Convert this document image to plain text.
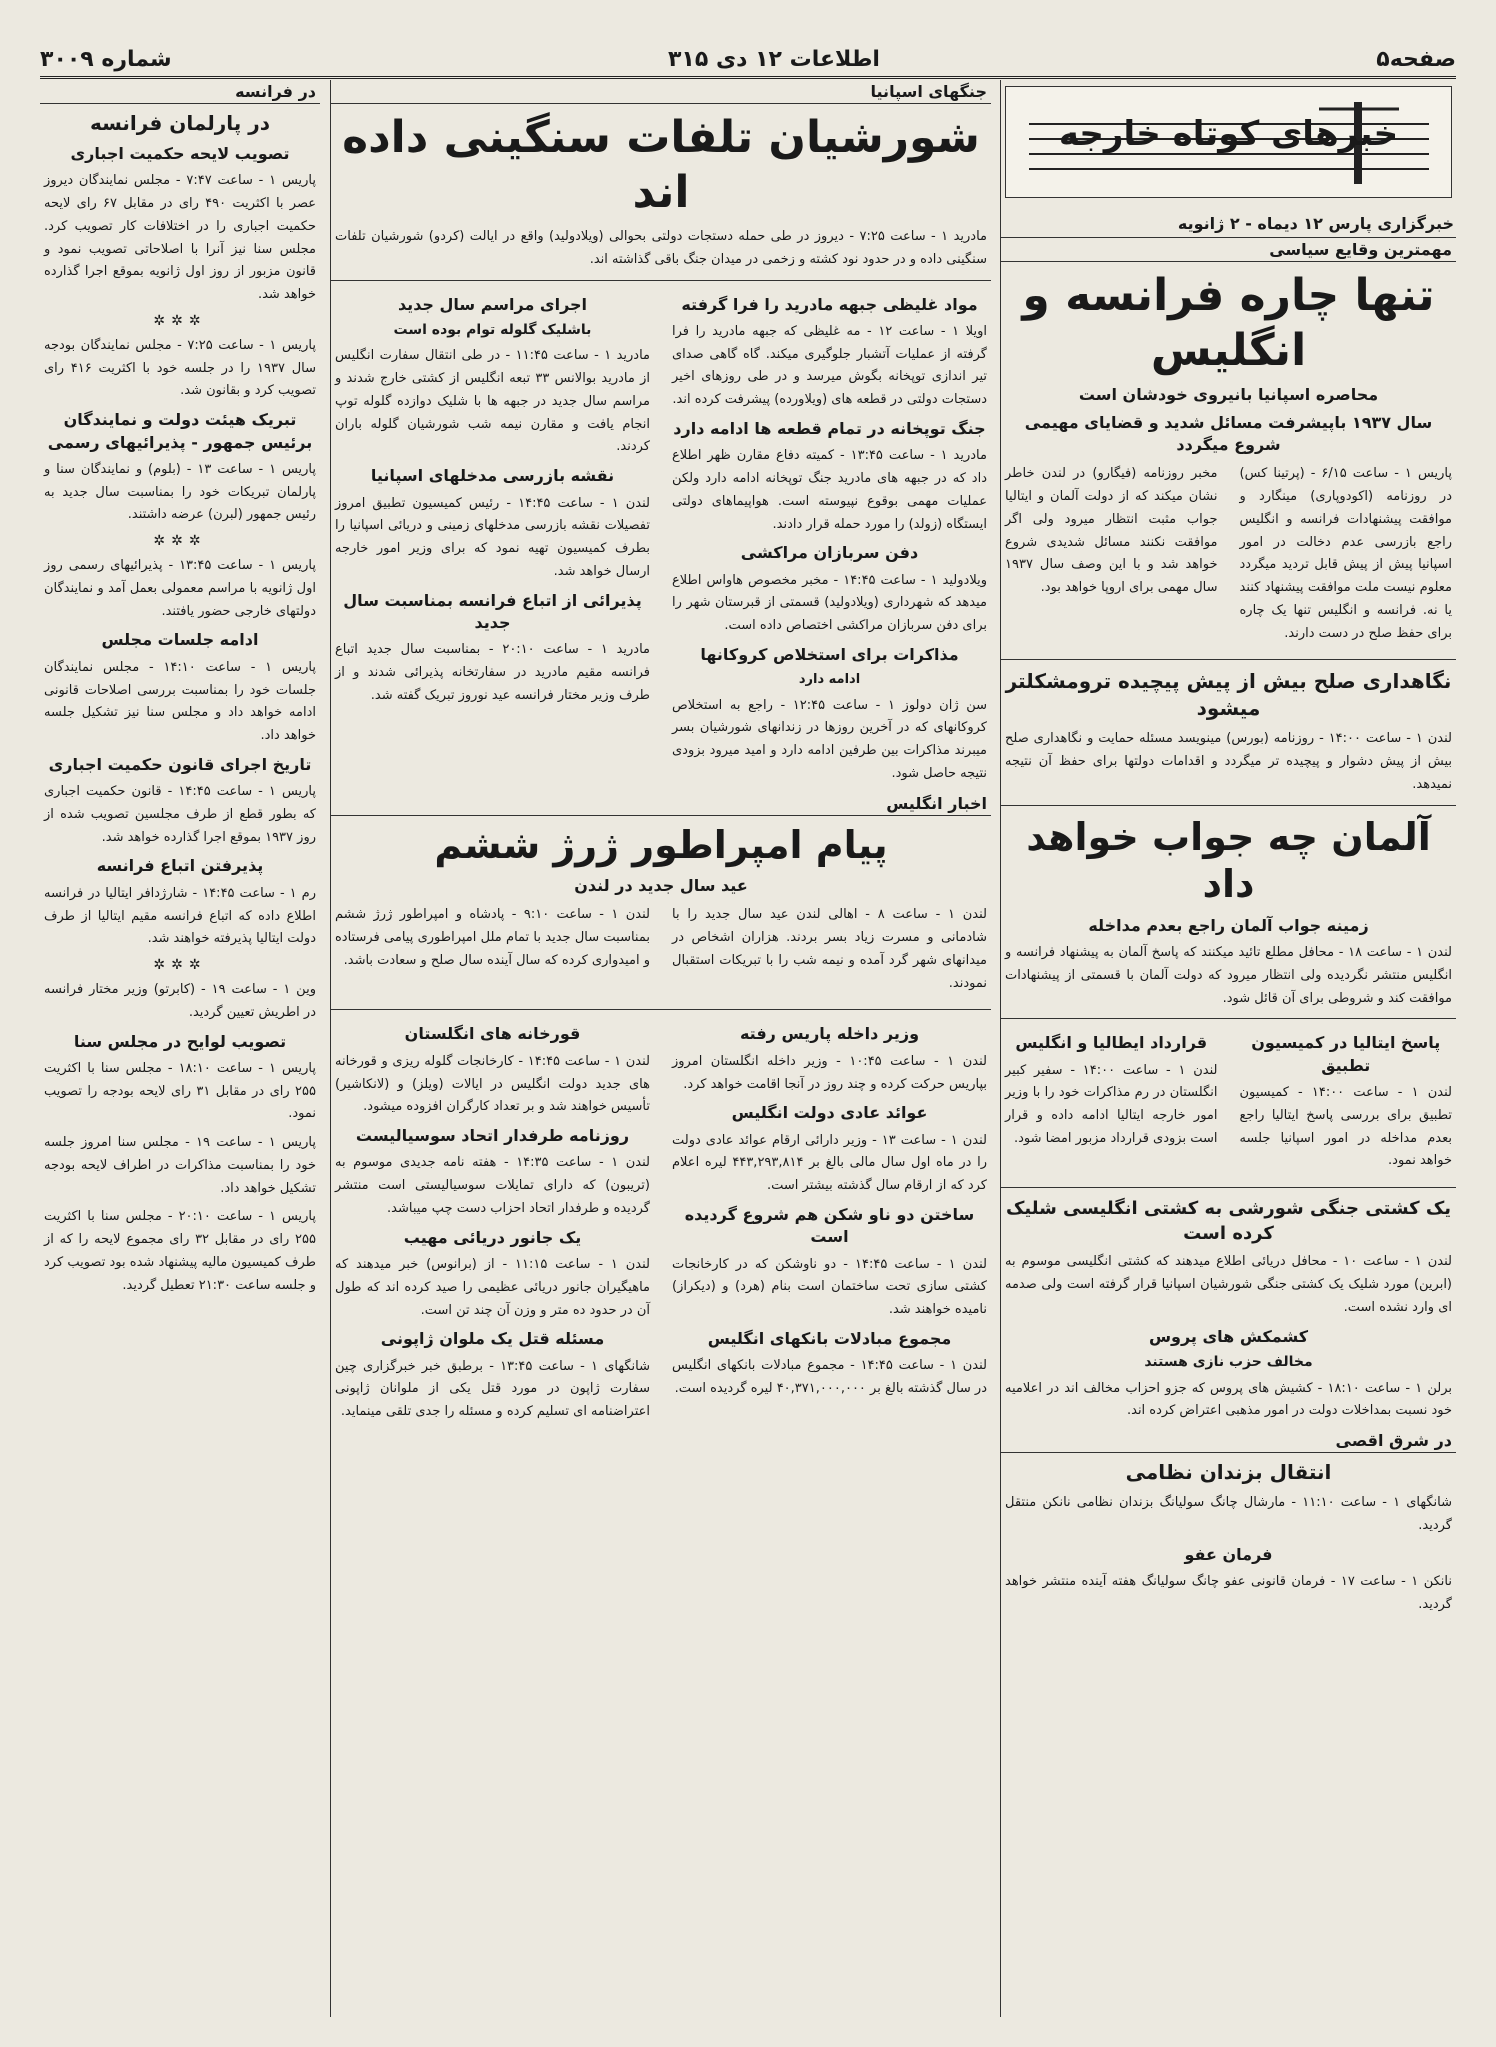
صفحه۵
اطلاعات ۱۲ دی ۳۱۵
شماره ۳۰۰۹
خبرهای کوتاه خارجه
خبرگزاری پارس ۱۲ دیماه - ۲ ژانویه
مهمترین وقایع سیاسی
تنها چاره فرانسه و انگلیس
محاصره اسپانیا بانیروی خودشان است
سال ۱۹۳۷ باپیشرفت مسائل شدید و قضایای مهیمی شروع میگردد
پاریس ۱ - ساعت ۶/۱۵ - (پرتینا کس) در روزنامه (اکودوپاری) مینگارد و موافقت پیشنهادات فرانسه و انگلیس راجع بازرسی عدم دخالت در امور اسپانیا پیش از پیش قابل تردید میگردد معلوم نیست ملت موافقت پیشنهاد کنند یا نه. فرانسه و انگلیس تنها یک چاره برای حفظ صلح در دست دارند.
مخبر روزنامه (فیگارو) در لندن خاطر نشان میکند که از دولت آلمان و ایتالیا جواب مثبت انتظار میرود ولی اگر موافقت نکنند مسائل شدیدی شروع خواهد شد و با این وصف سال ۱۹۳۷ سال مهمی برای اروپا خواهد بود.
نگاهداری صلح بیش از پیش پیچیده ترومشکلتر میشود
لندن ۱ - ساعت ۱۴:۰۰ - روزنامه (بورس) مینویسد مسئله حمایت و نگاهداری صلح بیش از پیش دشوار و پیچیده تر میگردد و اقدامات دولتها برای حفظ آن نتیجه نمیدهد.
آلمان چه جواب خواهد داد
زمینه جواب آلمان راجع بعدم مداخله
لندن ۱ - ساعت ۱۸ - محافل مطلع تائید میکنند که پاسخ آلمان به پیشنهاد فرانسه و انگلیس منتشر نگردیده ولی انتظار میرود که دولت آلمان با قسمتی از پیشنهادات موافقت کند و شروطی برای آن قائل شود.
پاسخ ایتالیا در کمیسیون تطبیق
لندن ۱ - ساعت ۱۴:۰۰ - کمیسیون تطبیق برای بررسی پاسخ ایتالیا راجع بعدم مداخله در امور اسپانیا جلسه خواهد نمود.
قرارداد ایطالیا و انگلیس
لندن ۱ - ساعت ۱۴:۰۰ - سفیر کبیر انگلستان در رم مذاکرات خود را با وزیر امور خارجه ایتالیا ادامه داده و قرار است بزودی قرارداد مزبور امضا شود.
یک کشتی جنگی شورشی به کشتی انگلیسی شلیک کرده است
لندن ۱ - ساعت ۱۰ - محافل دریائی اطلاع میدهند که کشتی انگلیسی موسوم به (ابرین) مورد شلیک یک کشتی جنگی شورشیان اسپانیا قرار گرفته است ولی صدمه ای وارد نشده است.
کشمکش های پروس
مخالف حزب نازی هستند
برلن ۱ - ساعت ۱۸:۱۰ - کشیش های پروس که جزو احزاب مخالف اند در اعلامیه خود نسبت بمداخلات دولت در امور مذهبی اعتراض کرده اند.
در شرق اقصی
انتقال بزندان نظامی
شانگهای ۱ - ساعت ۱۱:۱۰ - مارشال چانگ سولیانگ بزندان نظامی نانکن منتقل گردید.
فرمان عفو
نانکن ۱ - ساعت ۱۷ - فرمان قانونی عفو چانگ سولیانگ هفته آینده منتشر خواهد گردید.
جنگهای اسپانیا
شورشیان تلفات سنگینی داده اند
مادرید ۱ - ساعت ۷:۲۵ - دیروز در طی حمله دستجات دولتی بحوالی (ویلادولید) واقع در ایالت (کردو) شورشیان تلفات سنگینی داده و در حدود نود کشته و زخمی در میدان جنگ باقی گذاشته اند.
مواد غلیظی جبهه مادرید را فرا گرفته
اویلا ۱ - ساعت ۱۲ - مه غلیظی که جبهه مادرید را فرا گرفته از عملیات آتشبار جلوگیری میکند. گاه گاهی صدای تیر اندازی توپخانه بگوش میرسد و در طی روزهای اخیر دستجات دولتی در قطعه های (ویلاورده) پیشرفت کرده اند.
جنگ توپخانه در تمام قطعه ها ادامه دارد
مادرید ۱ - ساعت ۱۳:۴۵ - کمیته دفاع مقارن ظهر اطلاع داد که در جبهه های مادرید جنگ توپخانه ادامه دارد ولکن عملیات مهمی بوقوع نپیوسته است. هواپیماهای دولتی ایستگاه (زولد) را مورد حمله قرار دادند.
دفن سربازان مراکشی
ویلادولید ۱ - ساعت ۱۴:۴۵ - مخبر مخصوص هاواس اطلاع میدهد که شهرداری (ویلادولید) قسمتی از قبرستان شهر را برای دفن سربازان مراکشی اختصاص داده است.
مذاکرات برای استخلاص کروکانها
ادامه دارد
سن ژان دولوز ۱ - ساعت ۱۲:۴۵ - راجع به استخلاص کروکانهای که در آخرین روزها در زندانهای شورشیان بسر میبرند مذاکرات بین طرفین ادامه دارد و امید میرود بزودی نتیجه حاصل شود.
اجرای مراسم سال جدید
باشلیک گلوله توام بوده است
مادرید ۱ - ساعت ۱۱:۴۵ - در طی انتقال سفارت انگلیس از مادرید بوالانس ۳۳ تبعه انگلیس از کشتی خارج شدند و مراسم سال جدید در جبهه ها با شلیک دوازده گلوله توپ انجام یافت و مقارن نیمه شب شورشیان گلوله باران کردند.
نقشه بازرسی مدخلهای اسپانیا
لندن ۱ - ساعت ۱۴:۴۵ - رئیس کمیسیون تطبیق امروز تفصیلات نقشه بازرسی مدخلهای زمینی و دریائی اسپانیا را بطرف کمیسیون تهیه نمود که برای وزیر امور خارجه ارسال خواهد شد.
پذیرائی از اتباع فرانسه بمناسبت سال جدید
مادرید ۱ - ساعت ۲۰:۱۰ - بمناسبت سال جدید اتباع فرانسه مقیم مادرید در سفارتخانه پذیرائی شدند و از طرف وزیر مختار فرانسه عید نوروز تبریک گفته شد.
اخبار انگلیس
پیام امپراطور ژرژ ششم
عید سال جدید در لندن
لندن ۱ - ساعت ۸ - اهالی لندن عید سال جدید را با شادمانی و مسرت زیاد بسر بردند. هزاران اشخاص در میدانهای شهر گرد آمده و نیمه شب را با تبریکات استقبال نمودند.
لندن ۱ - ساعت ۹:۱۰ - پادشاه و امپراطور ژرژ ششم بمناسبت سال جدید با تمام ملل امپراطوری پیامی فرستاده و امیدواری کرده که سال آینده سال صلح و سعادت باشد.
وزیر داخله پاریس رفته
لندن ۱ - ساعت ۱۰:۴۵ - وزیر داخله انگلستان امروز بپاریس حرکت کرده و چند روز در آنجا اقامت خواهد کرد.
عوائد عادی دولت انگلیس
لندن ۱ - ساعت ۱۳ - وزیر دارائی ارقام عوائد عادی دولت را در ماه اول سال مالی بالغ بر ۴۴۳,۲۹۳,۸۱۴ لیره اعلام کرد که از ارقام سال گذشته بیشتر است.
ساختن دو ناو شکن هم شروع گردیده است
لندن ۱ - ساعت ۱۴:۴۵ - دو ناوشکن که در کارخانجات کشتی سازی تحت ساختمان است بنام (هرد) و (دیکراز) نامیده خواهند شد.
مجموع مبادلات بانکهای انگلیس
لندن ۱ - ساعت ۱۴:۴۵ - مجموع مبادلات بانکهای انگلیس در سال گذشته بالغ بر ۴۰,۳۷۱,۰۰۰,۰۰۰ لیره گردیده است.
قورخانه های انگلستان
لندن ۱ - ساعت ۱۴:۴۵ - کارخانجات گلوله ریزی و قورخانه های جدید دولت انگلیس در ایالات (ویلز) و (لانکاشیر) تأسیس خواهند شد و بر تعداد کارگران افزوده میشود.
روزنامه طرفدار اتحاد سوسیالیست
لندن ۱ - ساعت ۱۴:۳۵ - هفته نامه جدیدی موسوم به (تریبون) که دارای تمایلات سوسیالیستی است منتشر گردیده و طرفدار اتحاد احزاب دست چپ میباشد.
یک جانور دریائی مهیب
لندن ۱ - ساعت ۱۱:۱۵ - از (برانوس) خبر میدهند که ماهیگیران جانور دریائی عظیمی را صید کرده اند که طول آن در حدود ده متر و وزن آن چند تن است.
مسئله قتل یک ملوان ژاپونی
شانگهای ۱ - ساعت ۱۳:۴۵ - برطبق خبر خبرگزاری چین سفارت ژاپون در مورد قتل یکی از ملوانان ژاپونی اعتراضنامه ای تسلیم کرده و مسئله را جدی تلقی مینماید.
در فرانسه
در پارلمان فرانسه
تصویب لایحه حکمیت اجباری
پاریس ۱ - ساعت ۷:۴۷ - مجلس نمایندگان دیروز عصر با اکثریت ۴۹۰ رای در مقابل ۶۷ رای لایحه حکمیت اجباری را در اختلافات کار تصویب کرد. مجلس سنا نیز آنرا با اصلاحاتی تصویب نمود و قانون مزبور از روز اول ژانویه بموقع اجرا گذارده خواهد شد.
✲✲✲
پاریس ۱ - ساعت ۷:۲۵ - مجلس نمایندگان بودجه سال ۱۹۳۷ را در جلسه خود با اکثریت ۴۱۶ رای تصویب کرد و بقانون شد.
تبریک هیئت دولت و نمایندگان برئیس جمهور - پذیرائیهای رسمی
پاریس ۱ - ساعت ۱۳ - (بلوم) و نمایندگان سنا و پارلمان تبریکات خود را بمناسبت سال جدید به رئیس جمهور (لبرن) عرضه داشتند.
✲✲✲
پاریس ۱ - ساعت ۱۳:۴۵ - پذیرائیهای رسمی روز اول ژانویه با مراسم معمولی بعمل آمد و نمایندگان دولتهای خارجی حضور یافتند.
ادامه جلسات مجلس
پاریس ۱ - ساعت ۱۴:۱۰ - مجلس نمایندگان جلسات خود را بمناسبت بررسی اصلاحات قانونی ادامه خواهد داد و مجلس سنا نیز تشکیل جلسه خواهد داد.
تاریخ اجرای قانون حکمیت اجباری
پاریس ۱ - ساعت ۱۴:۴۵ - قانون حکمیت اجباری که بطور قطع از طرف مجلسین تصویب شده از روز ۱۹۳۷ بموقع اجرا گذارده خواهد شد.
پذیرفتن اتباع فرانسه
رم ۱ - ساعت ۱۴:۴۵ - شارژدافر ایتالیا در فرانسه اطلاع داده که اتباع فرانسه مقیم ایتالیا از طرف دولت ایتالیا پذیرفته خواهند شد.
✲✲✲
وین ۱ - ساعت ۱۹ - (کابرتو) وزیر مختار فرانسه در اطریش تعیین گردید.
تصویب لوایح در مجلس سنا
پاریس ۱ - ساعت ۱۸:۱۰ - مجلس سنا با اکثریت ۲۵۵ رای در مقابل ۳۱ رای لایحه بودجه را تصویب نمود.
پاریس ۱ - ساعت ۱۹ - مجلس سنا امروز جلسه خود را بمناسبت مذاکرات در اطراف لایحه بودجه تشکیل خواهد داد.
پاریس ۱ - ساعت ۲۰:۱۰ - مجلس سنا با اکثریت ۲۵۵ رای در مقابل ۳۲ رای مجموع لایحه را که از طرف کمیسیون مالیه پیشنهاد شده بود تصویب کرد و جلسه ساعت ۲۱:۳۰ تعطیل گردید.
